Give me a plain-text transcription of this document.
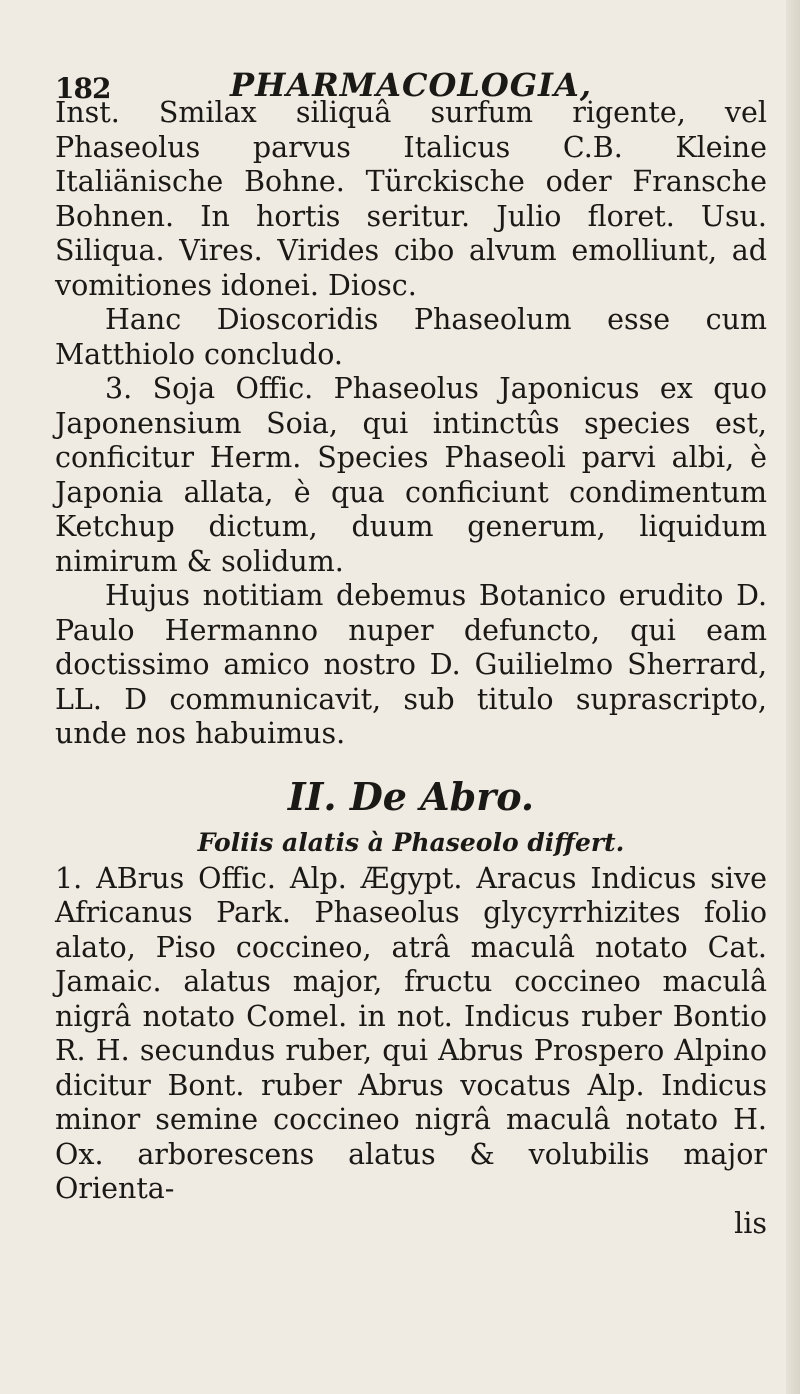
182	PHARMACOLOGIA,

Inst. Smilax siliquâ surfum rigente, vel Phaseolus parvus Italicus C.B. Kleine Italiänische Bohne. Türckische oder Fransche Bohnen. In hortis seritur. Julio floret. Usu. Siliqua. Vires. Virides cibo alvum emolliunt, ad vomitiones idonei. Diosc.

Hanc Dioscoridis Phaseolum esse cum Matthiolo concludo.

3. Soja Offic. Phaseolus Japonicus ex quo Japonensium Soia, qui intinctûs species est, conficitur Herm. Species Phaseoli parvi albi, è Japonia allata, è qua conficiunt condimentum Ketchup dictum, duum generum, liquidum nimirum & solidum.

Hujus notitiam debemus Botanico erudito D. Paulo Hermanno nuper defuncto, qui eam doctissimo amico nostro D. Guilielmo Sherrard, LL. D communicavit, sub titulo suprascripto, unde nos habuimus.

II. De Abro.
Foliis alatis à Phaseolo differt.

1. ABrus Offic. Alp. Ægypt. Aracus Indicus sive Africanus Park. Phaseolus glycyrrhizites folio alato, Piso coccineo, atrâ maculâ notato Cat. Jamaic. alatus major, fructu coccineo maculâ nigrâ notato Comel. in not. Indicus ruber Bontio R. H. secundus ruber, qui Abrus Prospero Alpino dicitur Bont. ruber Abrus vocatus Alp. Indicus minor semine coccineo nigrâ maculâ notato H. Ox. arborescens alatus & volubilis major Orienta-

lis
